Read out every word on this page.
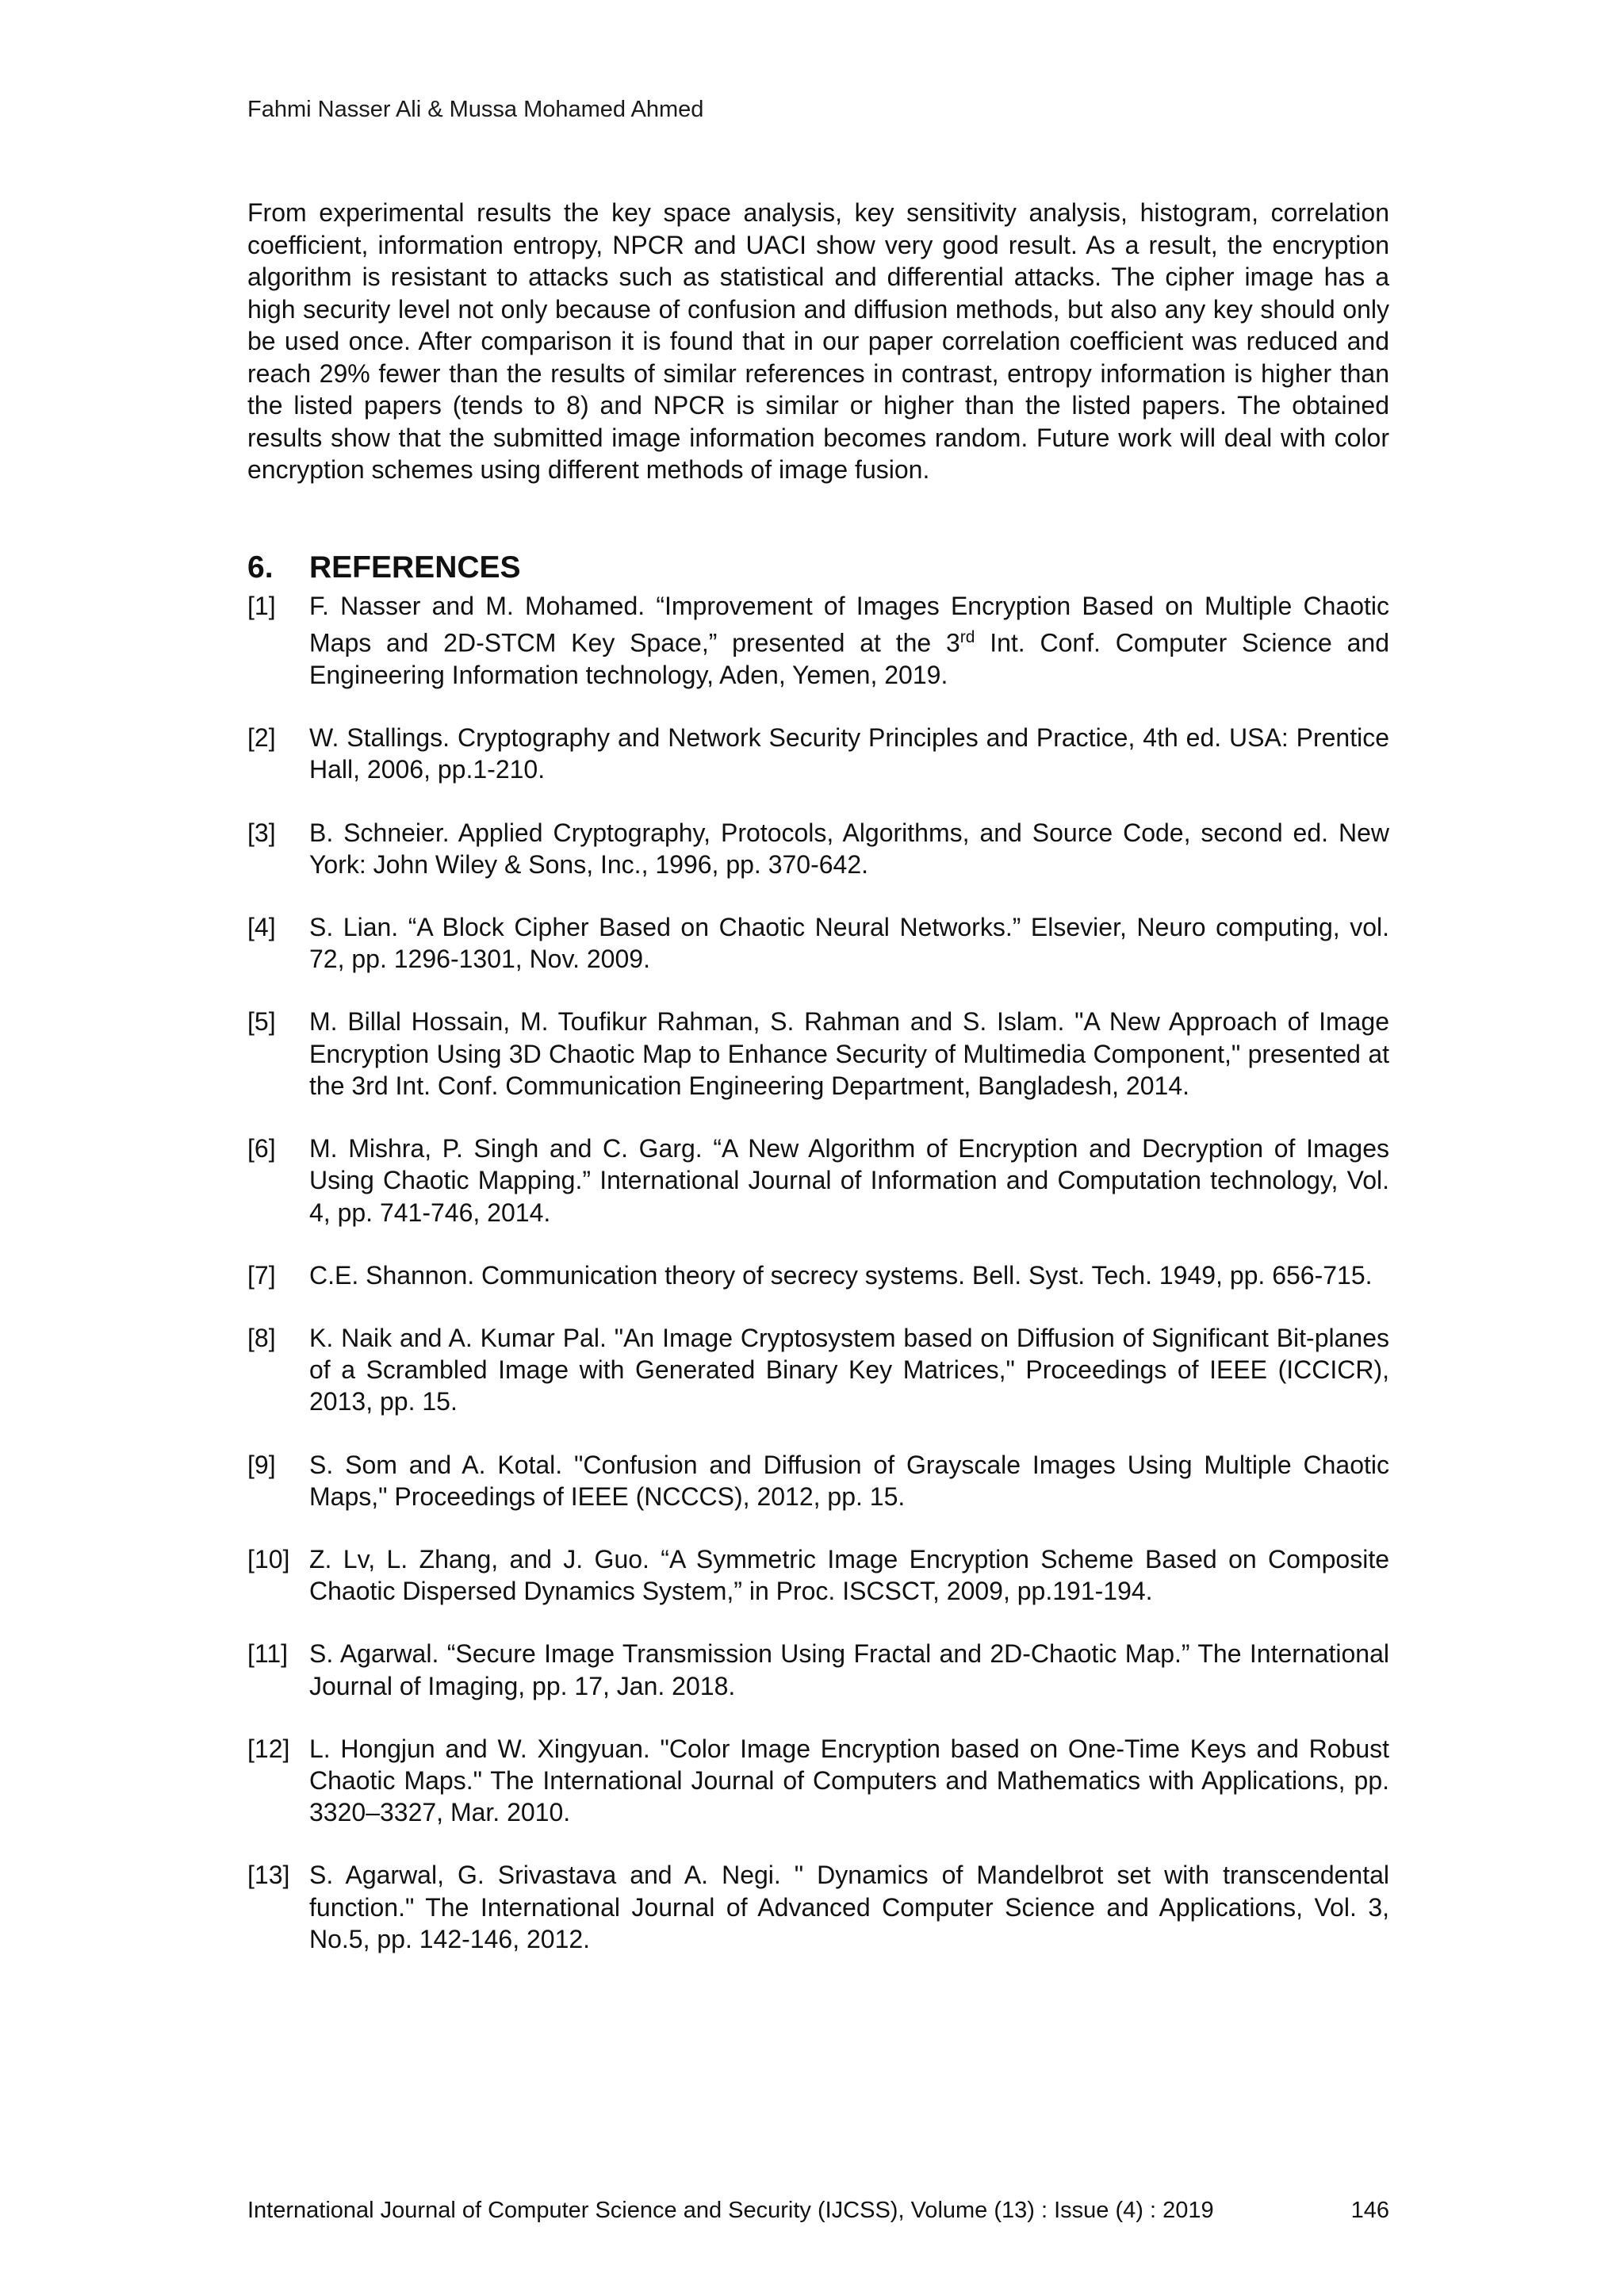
Fahmi Nasser Ali & Mussa Mohamed Ahmed

From experimental results the key space analysis, key sensitivity analysis, histogram, correlation coefficient, information entropy, NPCR and UACI show very good result. As a result, the encryption algorithm is resistant to attacks such as statistical and differential attacks. The cipher image has a high security level not only because of confusion and diffusion methods, but also any key should only be used once. After comparison it is found that in our paper correlation coefficient was reduced and reach 29% fewer than the results of similar references in contrast, entropy information is higher than the listed papers (tends to 8) and NPCR is similar or higher than the listed papers. The obtained results show that the submitted image information becomes random. Future work will deal with color encryption schemes using different methods of image fusion.

6. REFERENCES
[1]	F. Nasser and M. Mohamed. “Improvement of Images Encryption Based on Multiple Chaotic Maps and 2D-STCM Key Space,” presented at the 3rd Int. Conf. Computer Science and Engineering Information technology, Aden, Yemen, 2019.
[2]	W. Stallings. Cryptography and Network Security Principles and Practice, 4th ed. USA: Prentice Hall, 2006, pp.1-210.
[3]	B. Schneier. Applied Cryptography, Protocols, Algorithms, and Source Code, second ed. New York: John Wiley & Sons, Inc., 1996, pp. 370-642.
[4]	S. Lian. “A Block Cipher Based on Chaotic Neural Networks.” Elsevier, Neuro computing, vol. 72, pp. 1296-1301, Nov. 2009.
[5]	M. Billal Hossain, M. Toufikur Rahman, S. Rahman and S. Islam. "A New Approach of Image Encryption Using 3D Chaotic Map to Enhance Security of Multimedia Component," presented at the 3rd Int. Conf. Communication Engineering Department, Bangladesh, 2014.
[6]	M. Mishra, P. Singh and C. Garg. “A New Algorithm of Encryption and Decryption of Images Using Chaotic Mapping.” International Journal of Information and Computation technology, Vol. 4, pp. 741-746, 2014.
[7]	C.E. Shannon. Communication theory of secrecy systems. Bell. Syst. Tech. 1949, pp. 656-715.
[8]	K. Naik and A. Kumar Pal. "An Image Cryptosystem based on Diffusion of Significant Bit-planes of a Scrambled Image with Generated Binary Key Matrices," Proceedings of IEEE (ICCICR), 2013, pp. 15.
[9]	S. Som and A. Kotal. "Confusion and Diffusion of Grayscale Images Using Multiple Chaotic Maps," Proceedings of IEEE (NCCCS), 2012, pp. 15.
[10] Z. Lv, L. Zhang, and J. Guo. “A Symmetric Image Encryption Scheme Based on Composite Chaotic Dispersed Dynamics System,” in Proc. ISCSCT, 2009, pp.191-194.
[11] S. Agarwal. “Secure Image Transmission Using Fractal and 2D-Chaotic Map.” The International Journal of Imaging, pp. 17, Jan. 2018.
[12] L. Hongjun and W. Xingyuan. "Color Image Encryption based on One-Time Keys and Robust Chaotic Maps." The International Journal of Computers and Mathematics with Applications, pp. 3320–3327, Mar. 2010.
[13] S. Agarwal, G. Srivastava and A. Negi. " Dynamics of Mandelbrot set with transcendental function." The International Journal of Advanced Computer Science and Applications, Vol. 3, No.5, pp. 142-146, 2012.
International Journal of Computer Science and Security (IJCSS), Volume (13) : Issue (4) : 2019	146
